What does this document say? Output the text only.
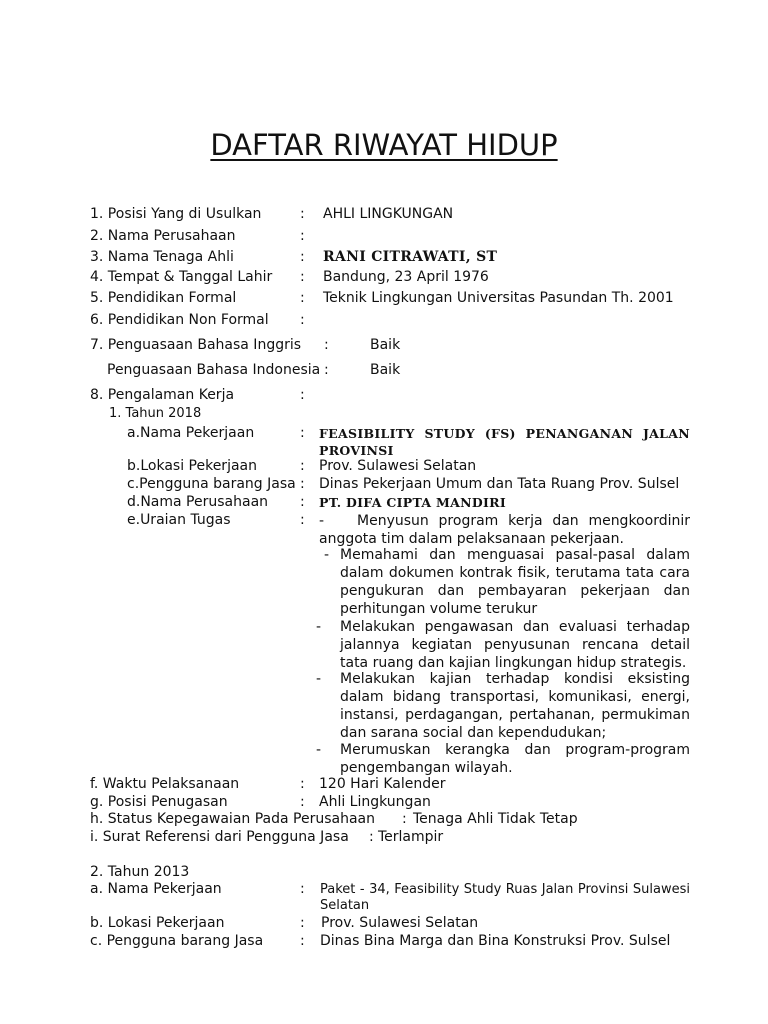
DAFTAR RIWAYAT HIDUP
1. Posisi Yang di Usulkan	: AHLI LINGKUNGAN
2. Nama Perusahaan	:
3. Nama Tenaga Ahli	: RANI CITRAWATI, ST
4. Tempat & Tanggal Lahir : Bandung, 23 April 1976
5. Pendidikan Formal	: Teknik Lingkungan Universitas Pasundan Th. 2001
6. Pendidikan Non Formal :
7. Penguasaan Bahasa Inggris :	Baik
Penguasaan Bahasa Indonesia :	Baik
8. Pengalaman Kerja	:
1. Tahun 2018
a.Nama Pekerjaan	: FEASIBILITY STUDY (FS) PENANGANAN JALAN PROVINSI
b.Lokasi Pekerjaan	: Prov. Sulawesi Selatan
c.Pengguna barang Jasa : Dinas Pekerjaan Umum dan Tata Ruang Prov. Sulsel
d.Nama Perusahaan : PT. DIFA CIPTA MANDIRI
e.Uraian Tugas	: - Menyusun program kerja dan mengkoordinir anggota tim dalam pelaksanaan pekerjaan.
- Memahami dan menguasai pasal-pasal dalam dalam dokumen kontrak fisik, terutama tata cara pengukuran dan pembayaran pekerjaan dan perhitungan volume terukur
- Melakukan pengawasan dan evaluasi terhadap jalannya kegiatan penyusunan rencana detail tata ruang dan kajian lingkungan hidup strategis.
- Melakukan kajian terhadap kondisi eksisting dalam bidang transportasi, komunikasi, energi, instansi, perdagangan, pertahanan, permukiman dan sarana social dan kependudukan;
- Merumuskan kerangka dan program-program pengembangan wilayah.
f. Waktu Pelaksanaan	: 120 Hari Kalender
g. Posisi Penugasan	: Ahli Lingkungan
h. Status Kepegawaian Pada Perusahaan : Tenaga Ahli Tidak Tetap
i. Surat Referensi dari Pengguna Jasa : Terlampir
2. Tahun 2013
a. Nama Pekerjaan	: Paket - 34, Feasibility Study Ruas Jalan Provinsi Sulawesi Selatan
b. Lokasi Pekerjaan	: Prov. Sulawesi Selatan
c. Pengguna barang Jasa	: Dinas Bina Marga dan Bina Konstruksi Prov. Sulsel
